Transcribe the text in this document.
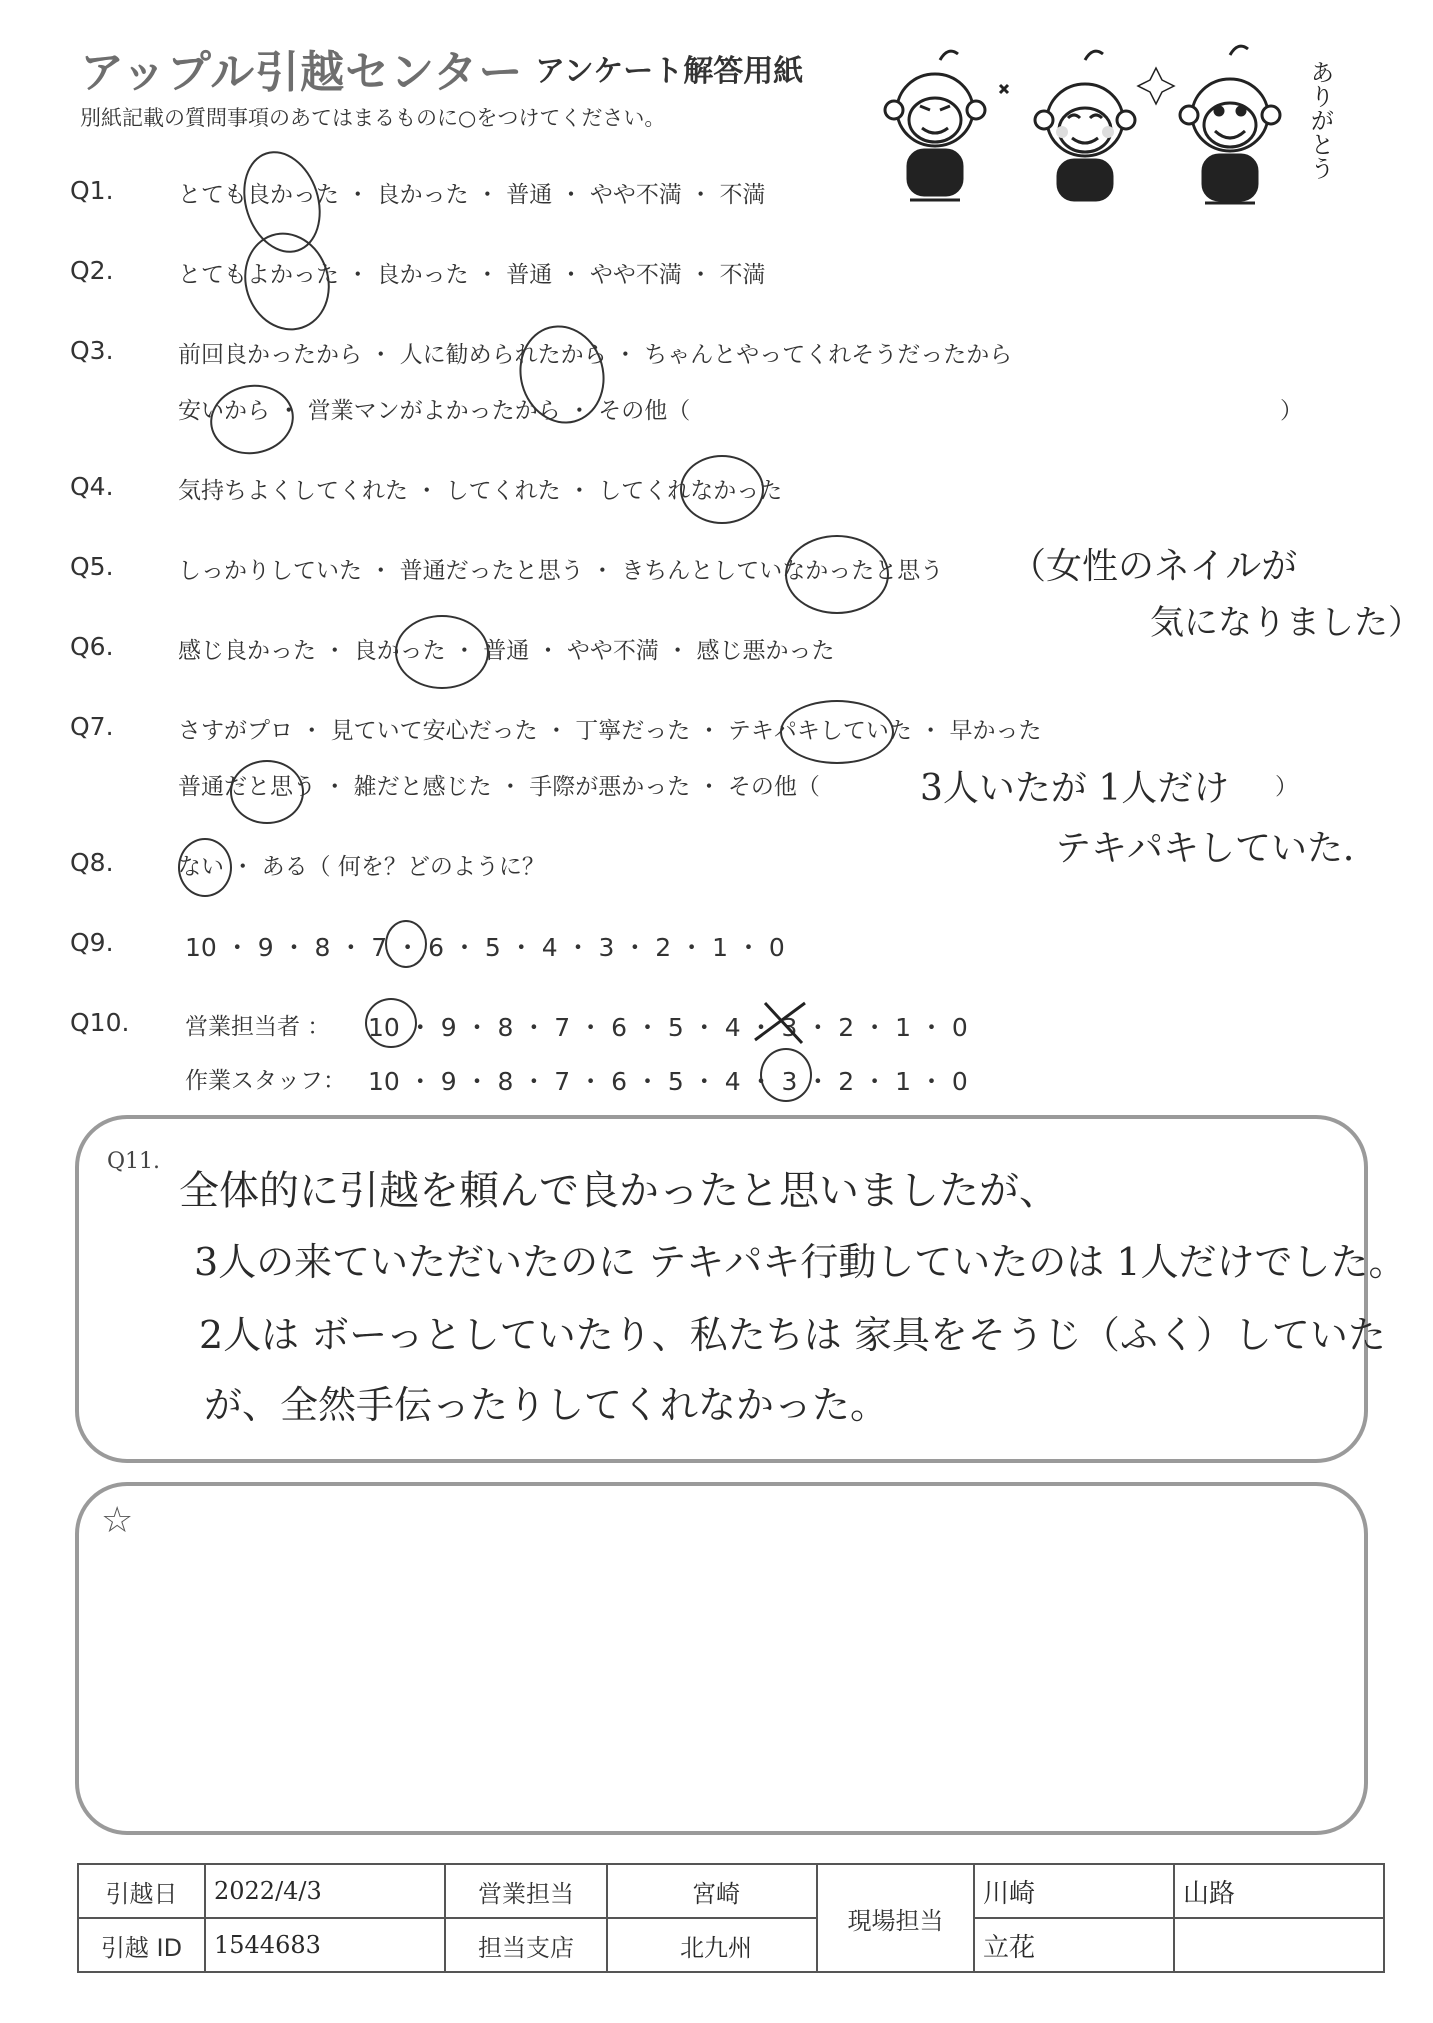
アップル引越センター アンケート解答用紙
別紙記載の質問事項のあてはまるものに○をつけてください。	ありがとう
Q1.	とても良かった ・ 良かった ・ 普通 ・ やや不満 ・ 不満
Q2.	とてもよかった ・ 良かった ・ 普通 ・ やや不満 ・ 不満
Q3.	前回良かったから ・ 人に勧められたから ・ ちゃんとやってくれそうだったから
安いから ・ 営業マンがよかったから ・ その他（	）
Q4.	気持ちよくしてくれた ・ してくれた ・ してくれなかった
Q5.	しっかりしていた ・ 普通だったと思う ・ きちんとしていなかったと思う
Q6.	感じ良かった ・ 良かった ・ 普通 ・ やや不満 ・ 感じ悪かった
Q7.	さすがプロ ・ 見ていて安心だった ・ 丁寧だった ・ テキパキしていた ・ 早かった
普通だと思う ・ 雑だと感じた ・ 手際が悪かった ・ その他（	）
Q8.	ない ・ ある（ 何を？どのように？
Q9.	10 ・ 9 ・ 8 ・ 7 ・ 6 ・ 5 ・ 4 ・ 3 ・ 2 ・ 1 ・ 0
Q10. 営業担当者 ： 10 ・ 9 ・ 8 ・ 7 ・ 6 ・ 5 ・ 4 ・ 3 ・ 2 ・ 1 ・ 0
作業スタッフ： 10 ・ 9 ・ 8 ・ 7 ・ 6 ・ 5 ・ 4 ・ 3 ・ 2 ・ 1 ・ 0
（女性のネイルが
気になりました）
3人いたが 1人だけ
テキパキしていた．
Q11.
全体的に引越を頼んで良かったと思いましたが、
3人の来ていただいたのに テキパキ行動していたのは 1人だけでした。
2人は ボーっとしていたり、私たちは 家具をそうじ（ふく）していた
が、全然手伝ったりしてくれなかった。
☆
引越日	2022/4/3	営業担当	宮崎	現場担当	川崎	山路
引越 ID	1544683	担当支店	北九州		立花	
